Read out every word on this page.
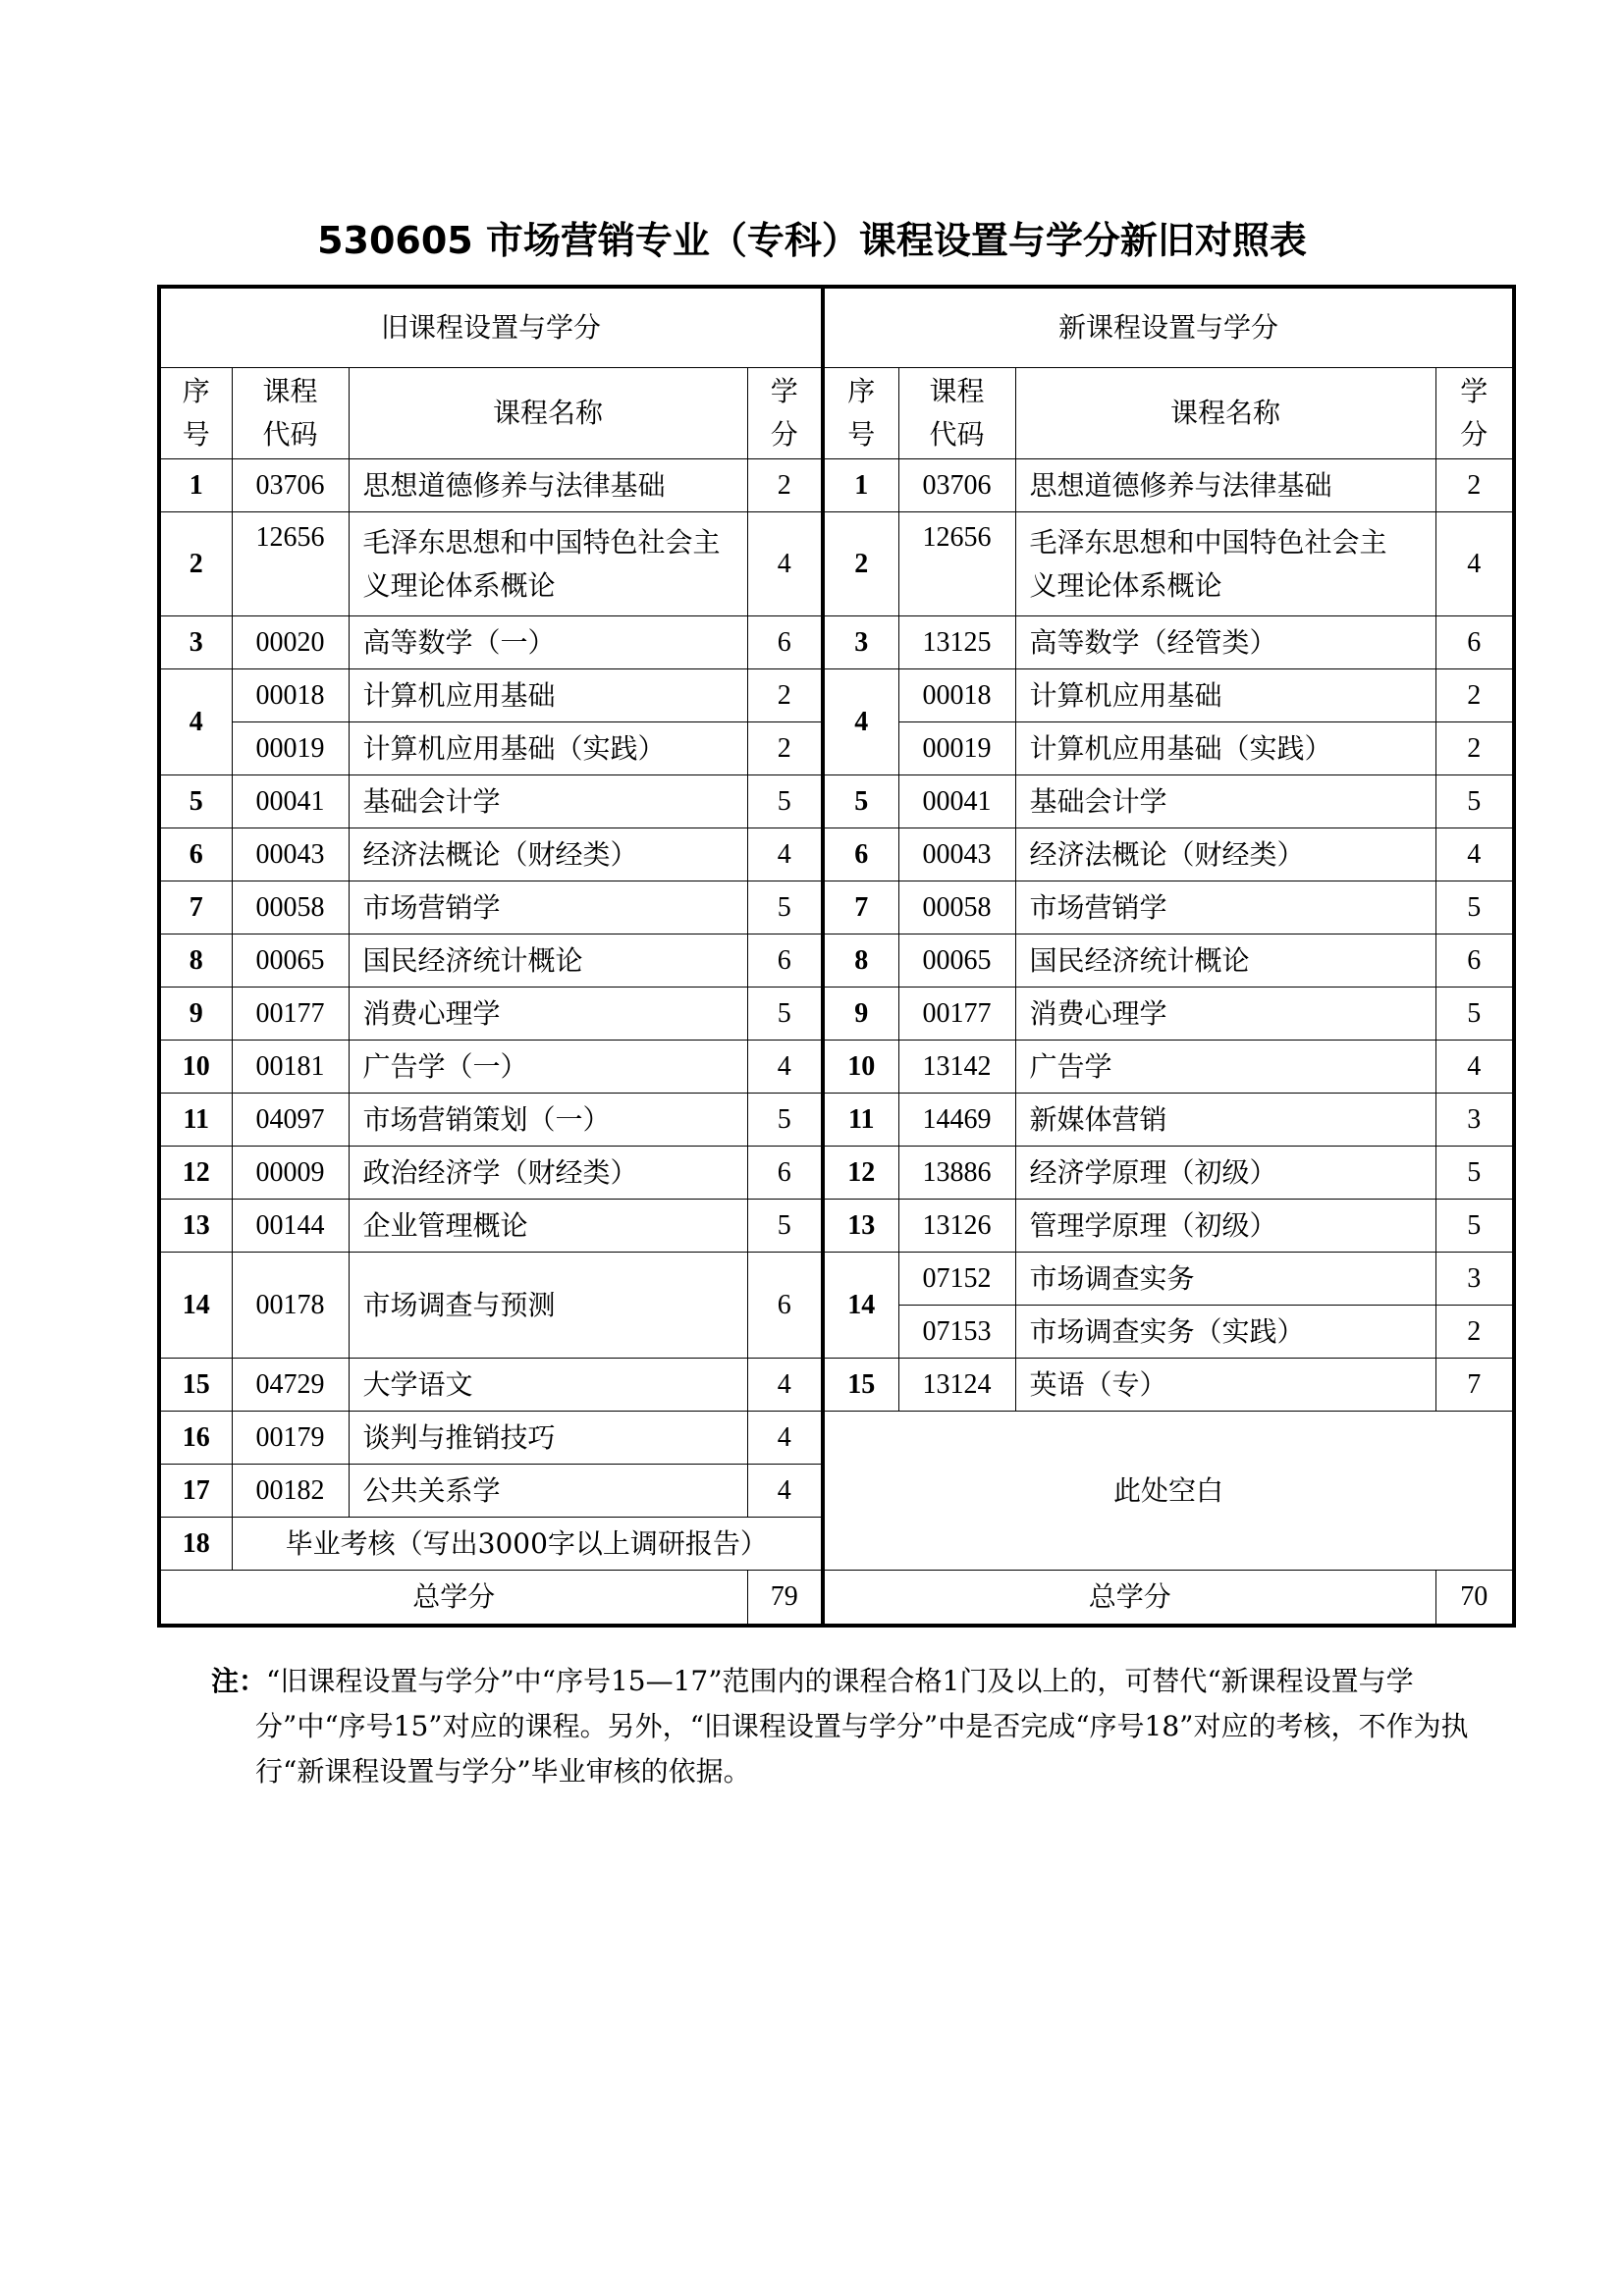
530605 市场营销专业（专科）课程设置与学分新旧对照表
旧课程设置与学分				新课程设置与学分			
序号	课程代码	课程名称	学分	序号	课程代码	课程名称	学分
1	03706	思想道德修养与法律基础	2	1	03706	思想道德修养与法律基础	2
2	12656	毛泽东思想和中国特色社会主义理论体系概论	4	2	12656	毛泽东思想和中国特色社会主义理论体系概论	4
3	00020	高等数学（一）	6	3	13125	高等数学（经管类）	6
4	00018	计算机应用基础	2	4	00018	计算机应用基础	2
	00019	计算机应用基础（实践）	2		00019	计算机应用基础（实践）	2
5	00041	基础会计学	5	5	00041	基础会计学	5
6	00043	经济法概论（财经类）	4	6	00043	经济法概论（财经类）	4
7	00058	市场营销学	5	7	00058	市场营销学	5
8	00065	国民经济统计概论	6	8	00065	国民经济统计概论	6
9	00177	消费心理学	5	9	00177	消费心理学	5
10	00181	广告学（一）	4	10	13142	广告学	4
11	04097	市场营销策划（一）	5	11	14469	新媒体营销	3
12	00009	政治经济学（财经类）	6	12	13886	经济学原理（初级）	5
13	00144	企业管理概论	5	13	13126	管理学原理（初级）	5
14	00178	市场调查与预测	6	14	07152	市场调查实务	3
					07153	市场调查实务（实践）	2
15	04729	大学语文	4	15	13124	英语（专）	7
16	00179	谈判与推销技巧	4	此处空白			
17	00182	公共关系学	4				
18	毕业考核（写出3000字以上调研报告）						
总学分			79	总学分			70

注：“旧课程设置与学分”中“序号15—17”范围内的课程合格1门及以上的，可替代“新课程设置与学分”中“序号15”对应的课程。另外，“旧课程设置与学分”中是否完成“序号18”对应的考核，不作为执行“新课程设置与学分”毕业审核的依据。
